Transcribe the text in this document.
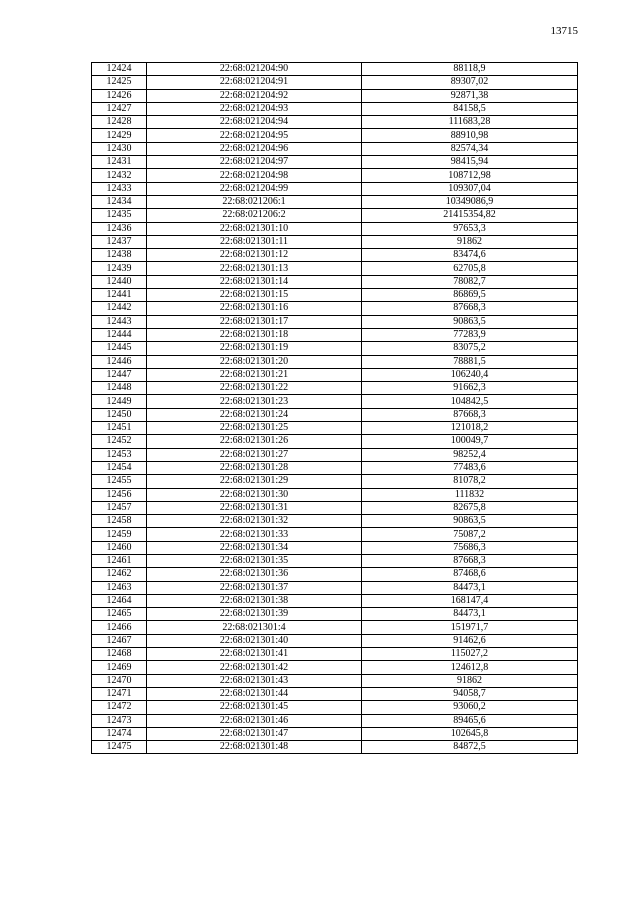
13715
12424	22:68:021204:90	88118,9
12425	22:68:021204:91	89307,02
12426	22:68:021204:92	92871,38
12427	22:68:021204:93	84158,5
12428	22:68:021204:94	111683,28
12429	22:68:021204:95	88910,98
12430	22:68:021204:96	82574,34
12431	22:68:021204:97	98415,94
12432	22:68:021204:98	108712,98
12433	22:68:021204:99	109307,04
12434	22:68:021206:1	10349086,9
12435	22:68:021206:2	21415354,82
12436	22:68:021301:10	97653,3
12437	22:68:021301:11	91862
12438	22:68:021301:12	83474,6
12439	22:68:021301:13	62705,8
12440	22:68:021301:14	78082,7
12441	22:68:021301:15	86869,5
12442	22:68:021301:16	87668,3
12443	22:68:021301:17	90863,5
12444	22:68:021301:18	77283,9
12445	22:68:021301:19	83075,2
12446	22:68:021301:20	78881,5
12447	22:68:021301:21	106240,4
12448	22:68:021301:22	91662,3
12449	22:68:021301:23	104842,5
12450	22:68:021301:24	87668,3
12451	22:68:021301:25	121018,2
12452	22:68:021301:26	100049,7
12453	22:68:021301:27	98252,4
12454	22:68:021301:28	77483,6
12455	22:68:021301:29	81078,2
12456	22:68:021301:30	111832
12457	22:68:021301:31	82675,8
12458	22:68:021301:32	90863,5
12459	22:68:021301:33	75087,2
12460	22:68:021301:34	75686,3
12461	22:68:021301:35	87668,3
12462	22:68:021301:36	87468,6
12463	22:68:021301:37	84473,1
12464	22:68:021301:38	168147,4
12465	22:68:021301:39	84473,1
12466	22:68:021301:4	151971,7
12467	22:68:021301:40	91462,6
12468	22:68:021301:41	115027,2
12469	22:68:021301:42	124612,8
12470	22:68:021301:43	91862
12471	22:68:021301:44	94058,7
12472	22:68:021301:45	93060,2
12473	22:68:021301:46	89465,6
12474	22:68:021301:47	102645,8
12475	22:68:021301:48	84872,5
